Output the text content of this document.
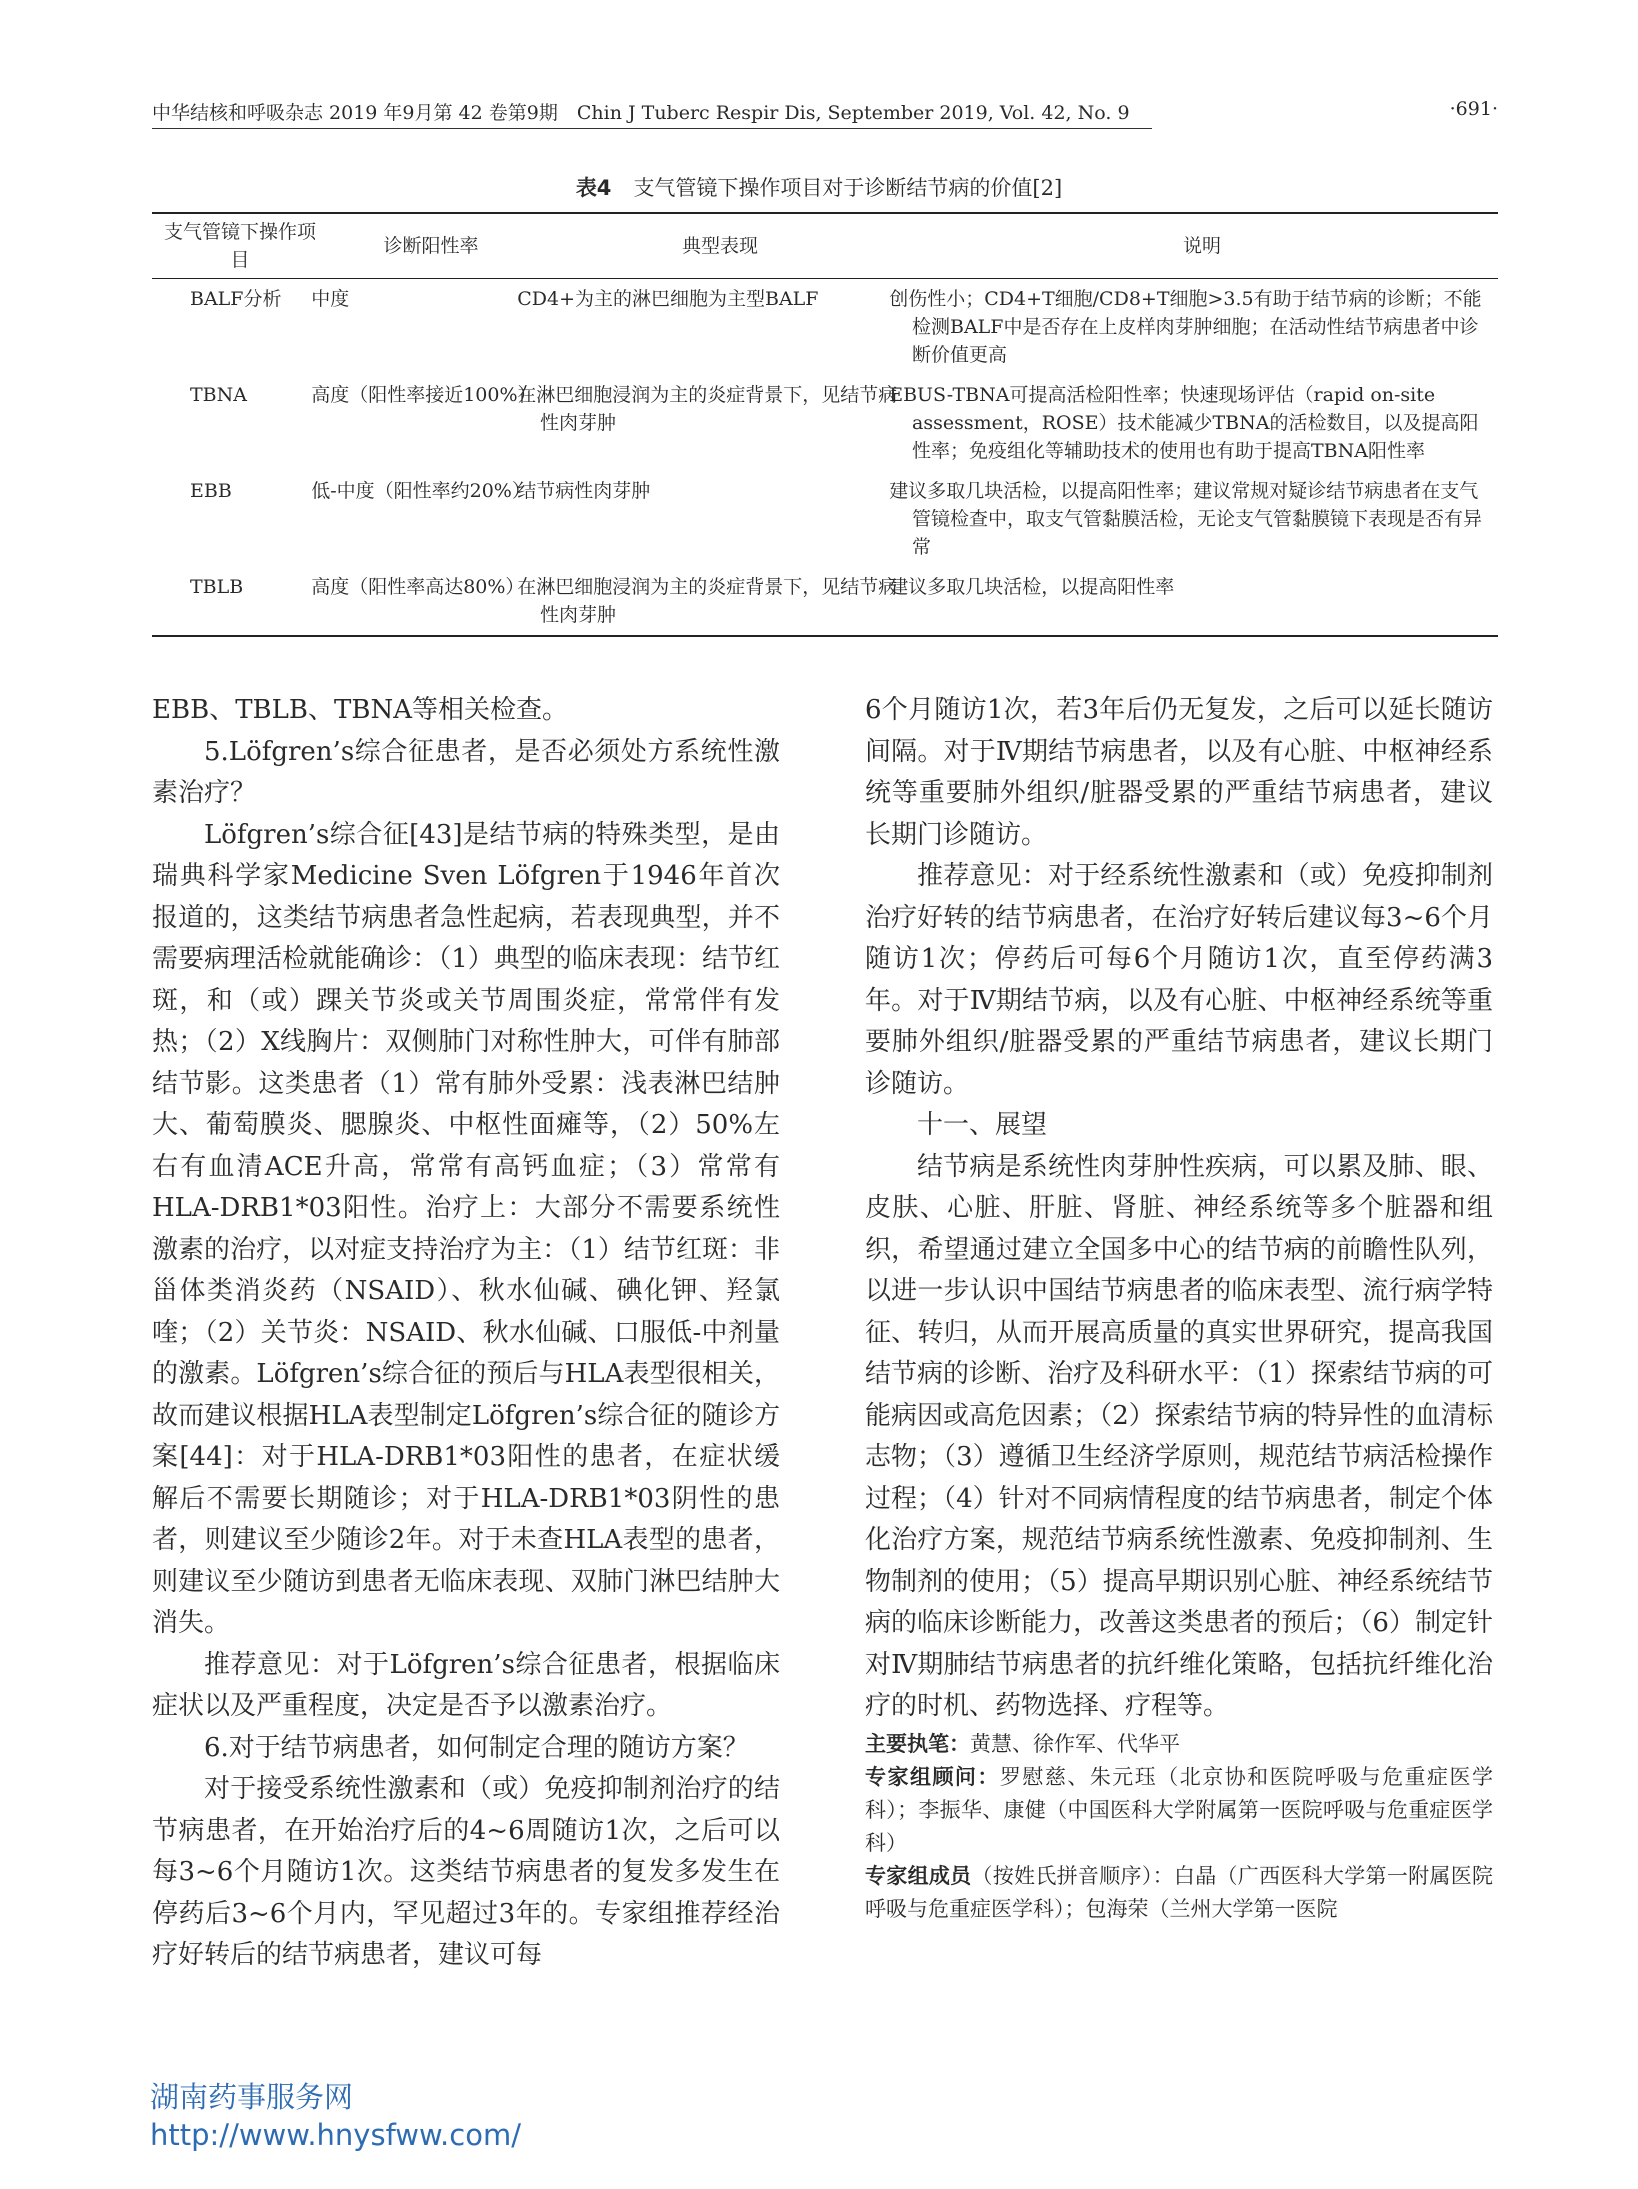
中华结核和呼吸杂志 2019 年9月第 42 卷第9期　Chin J Tuberc Respir Dis, September 2019, Vol. 42, No. 9	·691·
表4 支气管镜下操作项目对于诊断结节病的价值[2]
支气管镜下操作项目	诊断阳性率	典型表现	说明
BALF分析	中度	CD4+为主的淋巴细胞为主型BALF	创伤性小；CD4+T细胞/CD8+T细胞>3.5有助于结节病的诊断；不能检测BALF中是否存在上皮样肉芽肿细胞；在活动性结节病患者中诊断价值更高
TBNA	高度（阳性率接近100%）	在淋巴细胞浸润为主的炎症背景下，见结节病性肉芽肿	EBUS-TBNA可提高活检阳性率；快速现场评估（rapid on-site assessment，ROSE）技术能减少TBNA的活检数目，以及提高阳性率；免疫组化等辅助技术的使用也有助于提高TBNA阳性率
EBB	低-中度（阳性率约20%）	结节病性肉芽肿	建议多取几块活检，以提高阳性率；建议常规对疑诊结节病患者在支气管镜检查中，取支气管黏膜活检，无论支气管黏膜镜下表现是否有异常
TBLB	高度（阳性率高达80%）	在淋巴细胞浸润为主的炎症背景下，见结节病性肉芽肿	建议多取几块活检，以提高阳性率

EBB、TBLB、TBNA等相关检查。

5.Löfgren’s综合征患者，是否必须处方系统性激素治疗？

Löfgren’s综合征[43]是结节病的特殊类型，是由瑞典科学家Medicine Sven Löfgren于1946年首次报道的，这类结节病患者急性起病，若表现典型，并不需要病理活检就能确诊：（1）典型的临床表现：结节红斑，和（或）踝关节炎或关节周围炎症，常常伴有发热；（2）X线胸片：双侧肺门对称性肿大，可伴有肺部结节影。这类患者（1）常有肺外受累：浅表淋巴结肿大、葡萄膜炎、腮腺炎、中枢性面瘫等，（2）50%左右有血清ACE升高，常常有高钙血症；（3）常常有HLA-DRB1*03阳性。治疗上：大部分不需要系统性激素的治疗，以对症支持治疗为主：（1）结节红斑：非甾体类消炎药（NSAID）、秋水仙碱、碘化钾、羟氯喹；（2）关节炎：NSAID、秋水仙碱、口服低-中剂量的激素。Löfgren’s综合征的预后与HLA表型很相关，故而建议根据HLA表型制定Löfgren’s综合征的随诊方案[44]：对于HLA-DRB1*03阳性的患者，在症状缓解后不需要长期随诊；对于HLA-DRB1*03阴性的患者，则建议至少随诊2年。对于未查HLA表型的患者，则建议至少随访到患者无临床表现、双肺门淋巴结肿大消失。

推荐意见：对于Löfgren’s综合征患者，根据临床症状以及严重程度，决定是否予以激素治疗。

6.对于结节病患者，如何制定合理的随访方案？

对于接受系统性激素和（或）免疫抑制剂治疗的结节病患者，在开始治疗后的4~6周随访1次，之后可以每3~6个月随访1次。这类结节病患者的复发多发生在停药后3~6个月内，罕见超过3年的。专家组推荐经治疗好转后的结节病患者，建议可每

6个月随访1次，若3年后仍无复发，之后可以延长随访间隔。对于Ⅳ期结节病患者，以及有心脏、中枢神经系统等重要肺外组织/脏器受累的严重结节病患者，建议长期门诊随访。

推荐意见：对于经系统性激素和（或）免疫抑制剂治疗好转的结节病患者，在治疗好转后建议每3~6个月随访1次；停药后可每6个月随访1次，直至停药满3年。对于Ⅳ期结节病，以及有心脏、中枢神经系统等重要肺外组织/脏器受累的严重结节病患者，建议长期门诊随访。

十一、展望

结节病是系统性肉芽肿性疾病，可以累及肺、眼、皮肤、心脏、肝脏、肾脏、神经系统等多个脏器和组织，希望通过建立全国多中心的结节病的前瞻性队列，以进一步认识中国结节病患者的临床表型、流行病学特征、转归，从而开展高质量的真实世界研究，提高我国结节病的诊断、治疗及科研水平：（1）探索结节病的可能病因或高危因素；（2）探索结节病的特异性的血清标志物；（3）遵循卫生经济学原则，规范结节病活检操作过程；（4）针对不同病情程度的结节病患者，制定个体化治疗方案，规范结节病系统性激素、免疫抑制剂、生物制剂的使用；（5）提高早期识别心脏、神经系统结节病的临床诊断能力，改善这类患者的预后；（6）制定针对Ⅳ期肺结节病患者的抗纤维化策略，包括抗纤维化治疗的时机、药物选择、疗程等。

主要执笔：黄慧、徐作军、代华平

专家组顾问：罗慰慈、朱元珏（北京协和医院呼吸与危重症医学科）；李振华、康健（中国医科大学附属第一医院呼吸与危重症医学科）

专家组成员（按姓氏拼音顺序）：白晶（广西医科大学第一附属医院呼吸与危重症医学科）；包海荣（兰州大学第一医院

湖南药事服务网
http://www.hnysfww.com/
